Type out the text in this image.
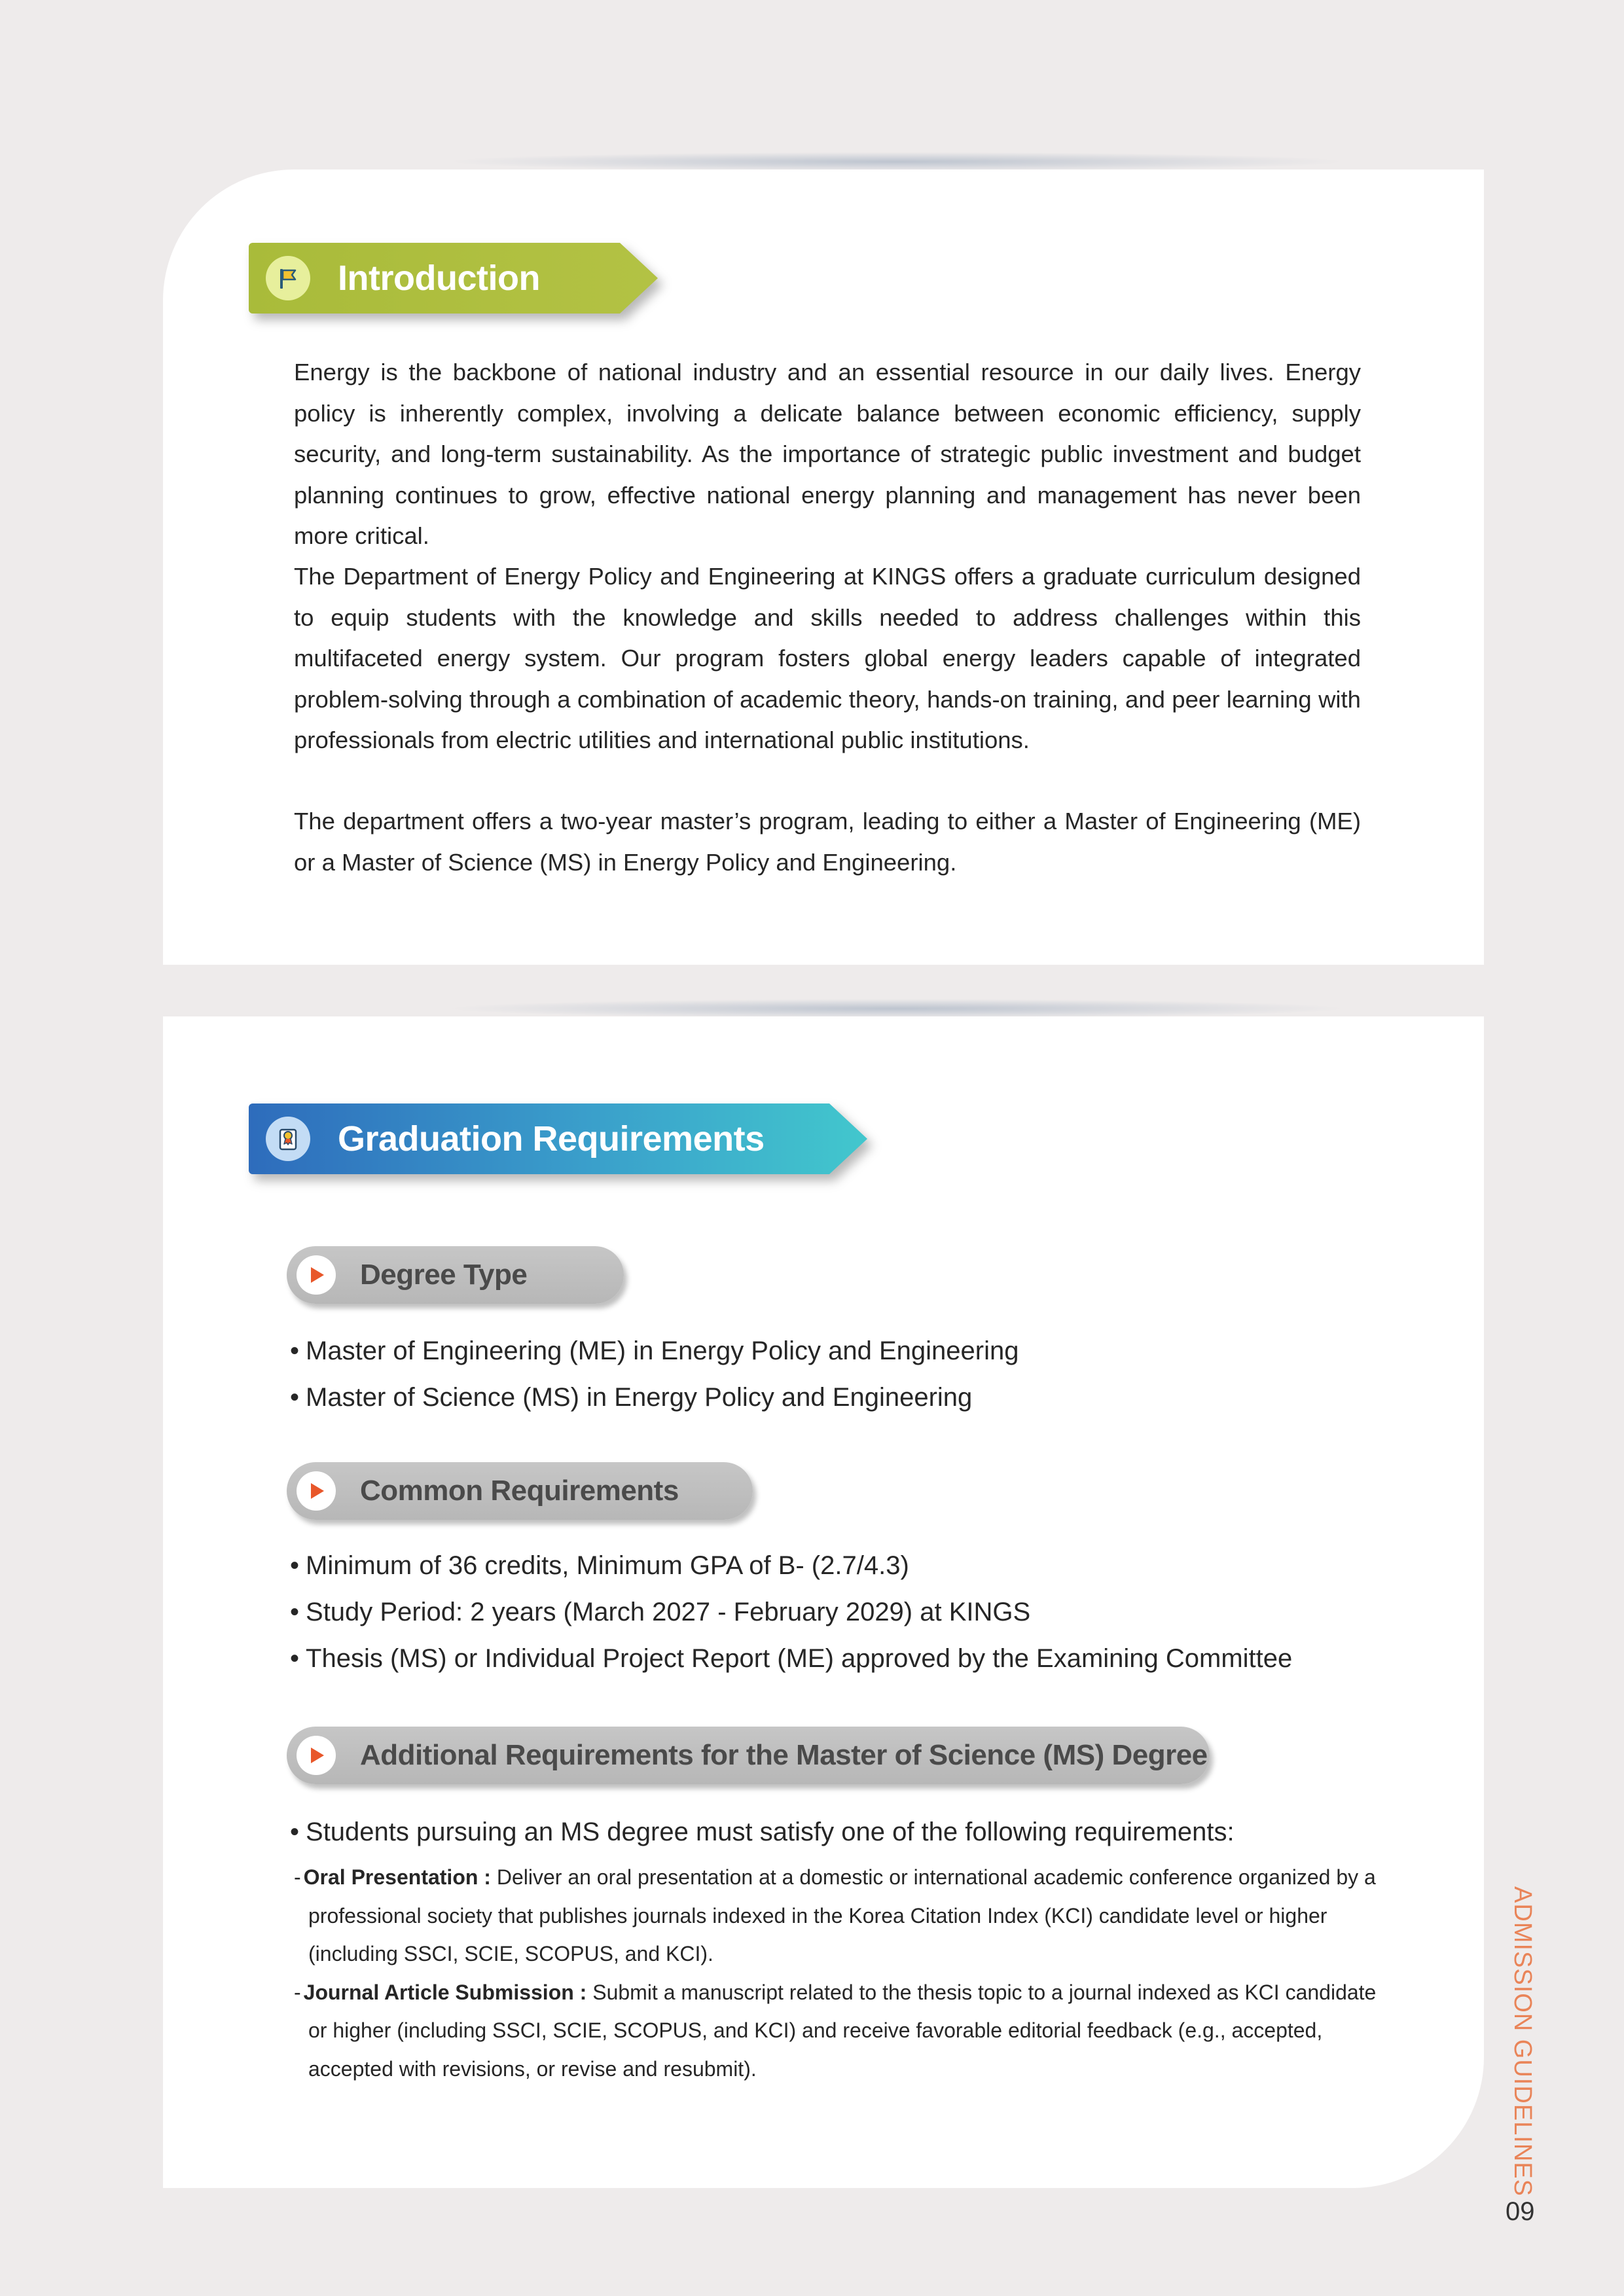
Introduction

Energy is the backbone of national industry and an essential resource in our daily lives. Energy policy is inherently complex, involving a delicate balance between economic efficiency, supply security, and long-term sustainability. As the importance of strategic public investment and budget planning continues to grow, effective national energy planning and management has never been more critical.

The Department of Energy Policy and Engineering at KINGS offers a graduate curriculum designed to equip students with the knowledge and skills needed to address challenges within this multifaceted energy system. Our program fosters global energy leaders capable of integrated problem-solving through a combination of academic theory, hands-on training, and peer learning with professionals from electric utilities and international public institutions.

The department offers a two-year master’s program, leading to either a Master of Engineering (ME) or a Master of Science (MS) in Energy Policy and Engineering.

Graduation Requirements
Degree Type
• Master of Engineering (ME) in Energy Policy and Engineering
• Master of Science (MS) in Energy Policy and Engineering
Common Requirements
• Minimum of 36 credits, Minimum GPA of B- (2.7/4.3)
• Study Period: 2 years (March 2027 - February 2029) at KINGS
• Thesis (MS) or Individual Project Report (ME) approved by the Examining Committee
Additional Requirements for the Master of Science (MS) Degree
• Students pursuing an MS degree must satisfy one of the following requirements:
- Oral Presentation : Deliver an oral presentation at a domestic or international academic conference organized by a professional society that publishes journals indexed in the Korea Citation Index (KCI) candidate level or higher (including SSCI, SCIE, SCOPUS, and KCI).
- Journal Article Submission : Submit a manuscript related to the thesis topic to a journal indexed as KCI candidate or higher (including SSCI, SCIE, SCOPUS, and KCI) and receive favorable editorial feedback (e.g., accepted, accepted with revisions, or revise and resubmit).	ADMISSION GUIDELINES
09
